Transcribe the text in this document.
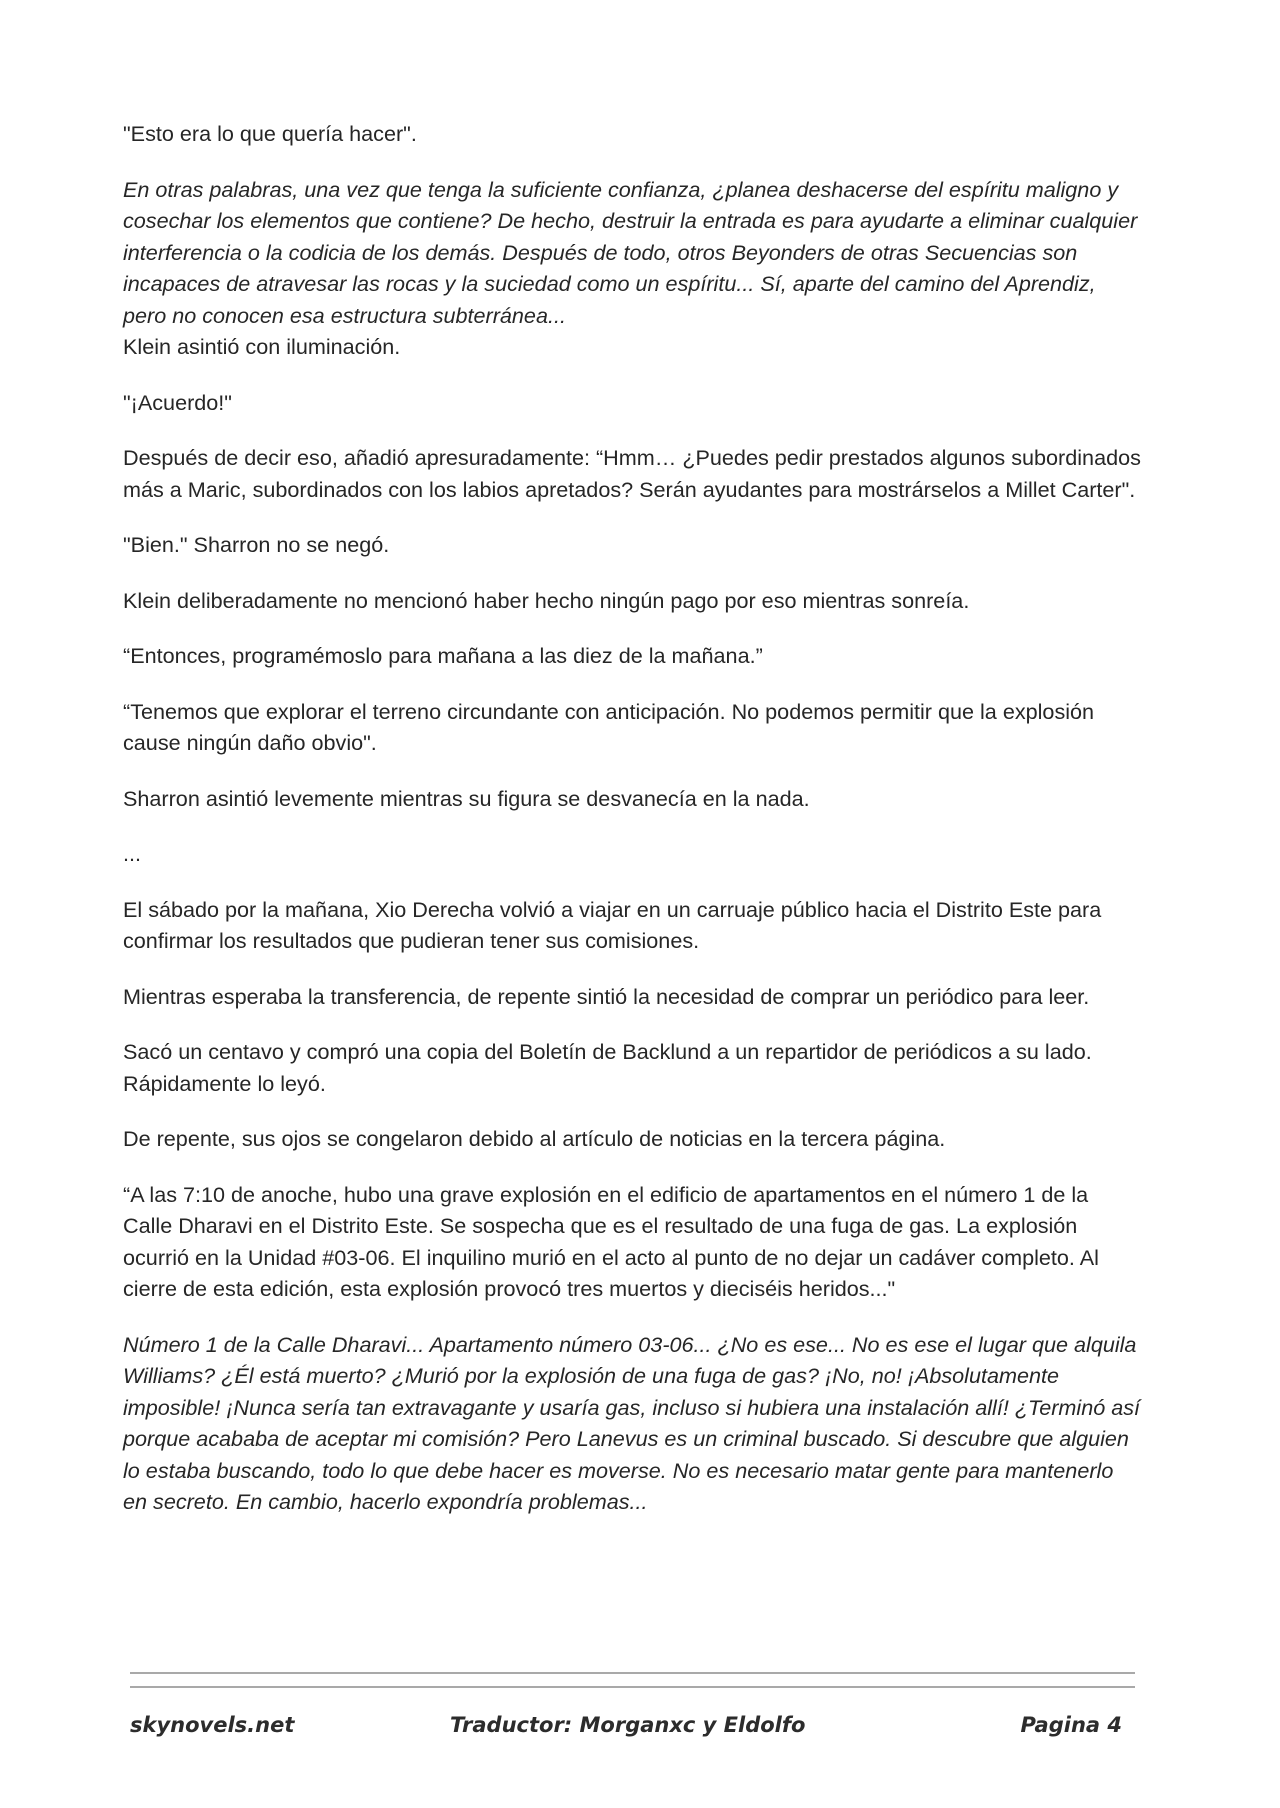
"Esto era lo que quería hacer".

En otras palabras, una vez que tenga la suficiente confianza, ¿planea deshacerse del espíritu maligno y cosechar los elementos que contiene? De hecho, destruir la entrada es para ayudarte a eliminar cualquier interferencia o la codicia de los demás. Después de todo, otros Beyonders de otras Secuencias son incapaces de atravesar las rocas y la suciedad como un espíritu... Sí, aparte del camino del Aprendiz, pero no conocen esa estructura subterránea...
Klein asintió con iluminación.

"¡Acuerdo!"

Después de decir eso, añadió apresuradamente: “Hmm… ¿Puedes pedir prestados algunos subordinados más a Maric, subordinados con los labios apretados? Serán ayudantes para mostrárselos a Millet Carter".

"Bien." Sharron no se negó.

Klein deliberadamente no mencionó haber hecho ningún pago por eso mientras sonreía.

“Entonces, programémoslo para mañana a las diez de la mañana.”

“Tenemos que explorar el terreno circundante con anticipación. No podemos permitir que la explosión cause ningún daño obvio".

Sharron asintió levemente mientras su figura se desvanecía en la nada.

...

El sábado por la mañana, Xio Derecha volvió a viajar en un carruaje público hacia el Distrito Este para confirmar los resultados que pudieran tener sus comisiones.

Mientras esperaba la transferencia, de repente sintió la necesidad de comprar un periódico para leer.

Sacó un centavo y compró una copia del Boletín de Backlund a un repartidor de periódicos a su lado. Rápidamente lo leyó.

De repente, sus ojos se congelaron debido al artículo de noticias en la tercera página.

“A las 7:10 de anoche, hubo una grave explosión en el edificio de apartamentos en el número 1 de la Calle Dharavi en el Distrito Este. Se sospecha que es el resultado de una fuga de gas. La explosión ocurrió en la Unidad #03-06. El inquilino murió en el acto al punto de no dejar un cadáver completo. Al cierre de esta edición, esta explosión provocó tres muertos y dieciséis heridos..."

Número 1 de la Calle Dharavi... Apartamento número 03-06... ¿No es ese... No es ese el lugar que alquila Williams? ¿Él está muerto? ¿Murió por la explosión de una fuga de gas? ¡No, no! ¡Absolutamente imposible! ¡Nunca sería tan extravagante y usaría gas, incluso si hubiera una instalación allí! ¿Terminó así porque acababa de aceptar mi comisión? Pero Lanevus es un criminal buscado. Si descubre que alguien lo estaba buscando, todo lo que debe hacer es moverse. No es necesario matar gente para mantenerlo en secreto. En cambio, hacerlo expondría problemas...

skynovels.net	Traductor: Morganxc y Eldolfo	Pagina 4
